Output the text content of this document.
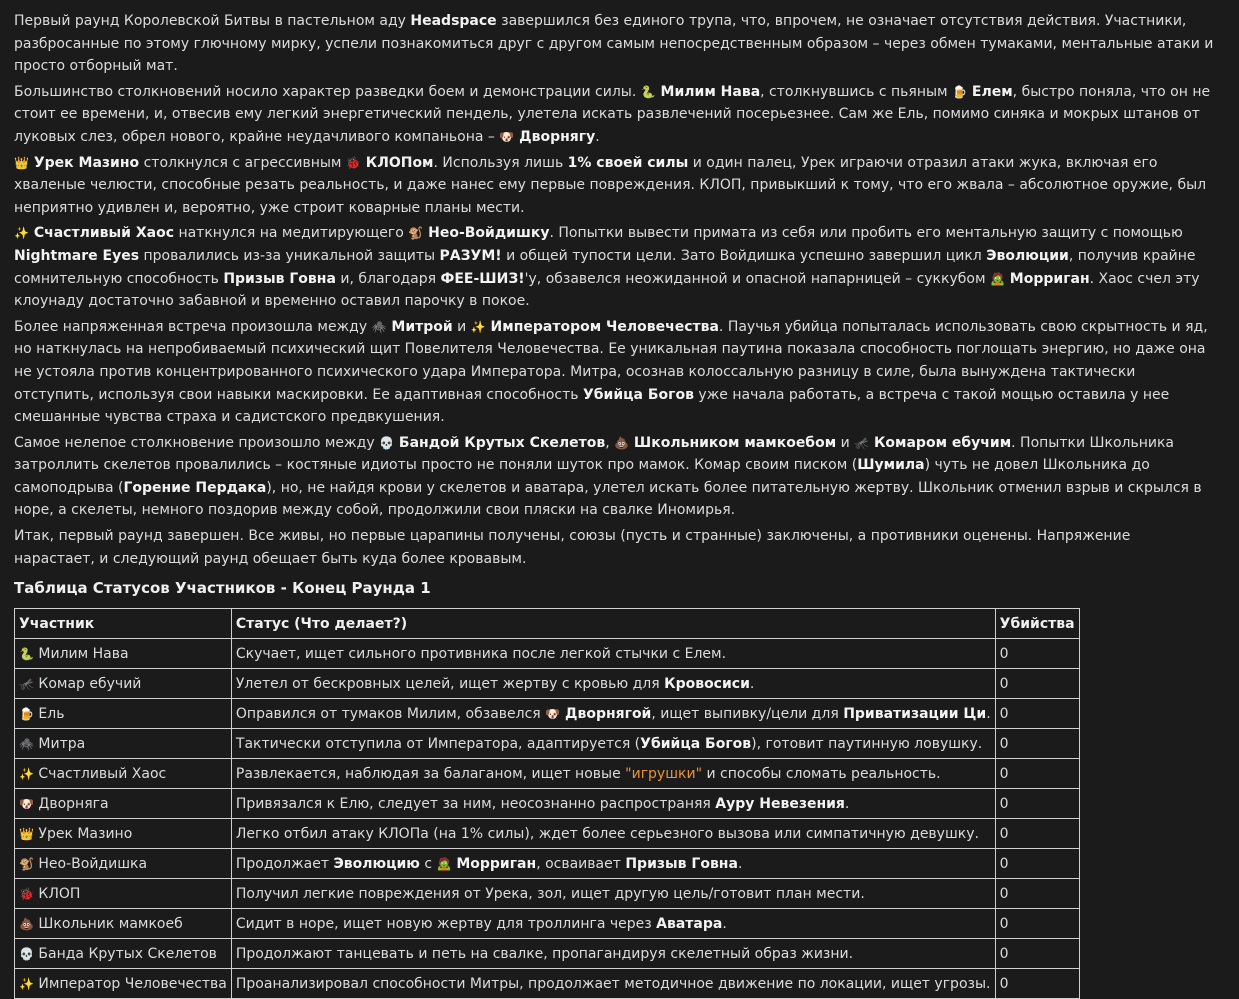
Первый раунд Королевской Битвы в пастельном аду Headspace завершился без единого трупа, что, впрочем, не означает отсутствия действия. Участники, разбросанные по этому глючному мирку, успели познакомиться друг с другом самым непосредственным образом – через обмен тумаками, ментальные атаки и просто отборный мат.

Большинство столкновений носило характер разведки боем и демонстрации силы. 🐍 Милим Нава, столкнувшись с пьяным 🍺 Елем, быстро поняла, что он не стоит ее времени, и, отвесив ему легкий энергетический пендель, улетела искать развлечений посерьезнее. Сам же Ель, помимо синяка и мокрых штанов от луковых слез, обрел нового, крайне неудачливого компаньона – 🐶 Дворнягу.

👑 Урек Мазино столкнулся с агрессивным 🐞 КЛОПом. Используя лишь 1% своей силы и один палец, Урек играючи отразил атаки жука, включая его хваленые челюсти, способные резать реальность, и даже нанес ему первые повреждения. КЛОП, привыкший к тому, что его жвала – абсолютное оружие, был неприятно удивлен и, вероятно, уже строит коварные планы мести.

✨ Счастливый Хаос наткнулся на медитирующего 🐒 Нео-Войдишку. Попытки вывести примата из себя или пробить его ментальную защиту с помощью Nightmare Eyes провалились из-за уникальной защиты РАЗУМ! и общей тупости цели. Зато Войдишка успешно завершил цикл Эволюции, получив крайне сомнительную способность Призыв Говна и, благодаря ФЕЕ-ШИЗ!'у, обзавелся неожиданной и опасной напарницей – суккубом 🧟 Морриган. Хаос счел эту клоунаду достаточно забавной и временно оставил парочку в покое.

Более напряженная встреча произошла между 🕷️ Митрой и ✨ Императором Человечества. Паучья убийца попыталась использовать свою скрытность и яд, но наткнулась на непробиваемый психический щит Повелителя Человечества. Ее уникальная паутина показала способность поглощать энергию, но даже она не устояла против концентрированного психического удара Императора. Митра, осознав колоссальную разницу в силе, была вынуждена тактически отступить, используя свои навыки маскировки. Ее адаптивная способность Убийца Богов уже начала работать, а встреча с такой мощью оставила у нее смешанные чувства страха и садистского предвкушения.

Самое нелепое столкновение произошло между 💀 Бандой Крутых Скелетов, 💩 Школьником мамкоебом и 🦟 Комаром ебучим. Попытки Школьника затроллить скелетов провалились – костяные идиоты просто не поняли шуток про мамок. Комар своим писком (Шумила) чуть не довел Школьника до самоподрыва (Горение Пердака), но, не найдя крови у скелетов и аватара, улетел искать более питательную жертву. Школьник отменил взрыв и скрылся в норе, а скелеты, немного поздорив между собой, продолжили свои пляски на свалке Иномирья.

Итак, первый раунд завершен. Все живы, но первые царапины получены, союзы (пусть и странные) заключены, а противники оценены. Напряжение нарастает, и следующий раунд обещает быть куда более кровавым.

Таблица Статусов Участников - Конец Раунда 1
Участник	Статус (Что делает?)	Убийства
🐍 Милим Нава	Скучает, ищет сильного противника после легкой стычки с Елем.	0
🦟 Комар ебучий	Улетел от бескровных целей, ищет жертву с кровью для Кровосиси.	0
🍺 Ель	Оправился от тумаков Милим, обзавелся 🐶 Дворнягой, ищет выпивку/цели для Приватизации Ци.	0
🕷️ Митра	Тактически отступила от Императора, адаптируется (Убийца Богов), готовит паутинную ловушку.	0
✨ Счастливый Хаос	Развлекается, наблюдая за балаганом, ищет новые "игрушки" и способы сломать реальность.	0
🐶 Дворняга	Привязался к Елю, следует за ним, неосознанно распространяя Ауру Невезения.	0
👑 Урек Мазино	Легко отбил атаку КЛОПа (на 1% силы), ждет более серьезного вызова или симпатичную девушку.	0
🐒 Нео-Войдишка	Продолжает Эволюцию с 🧟 Морриган, осваивает Призыв Говна.	0
🐞 КЛОП	Получил легкие повреждения от Урека, зол, ищет другую цель/готовит план мести.	0
💩 Школьник мамкоеб	Сидит в норе, ищет новую жертву для троллинга через Аватара.	0
💀 Банда Крутых Скелетов	Продолжают танцевать и петь на свалке, пропагандируя скелетный образ жизни.	0
✨ Император Человечества	Проанализировал способности Митры, продолжает методичное движение по локации, ищет угрозы.	0
